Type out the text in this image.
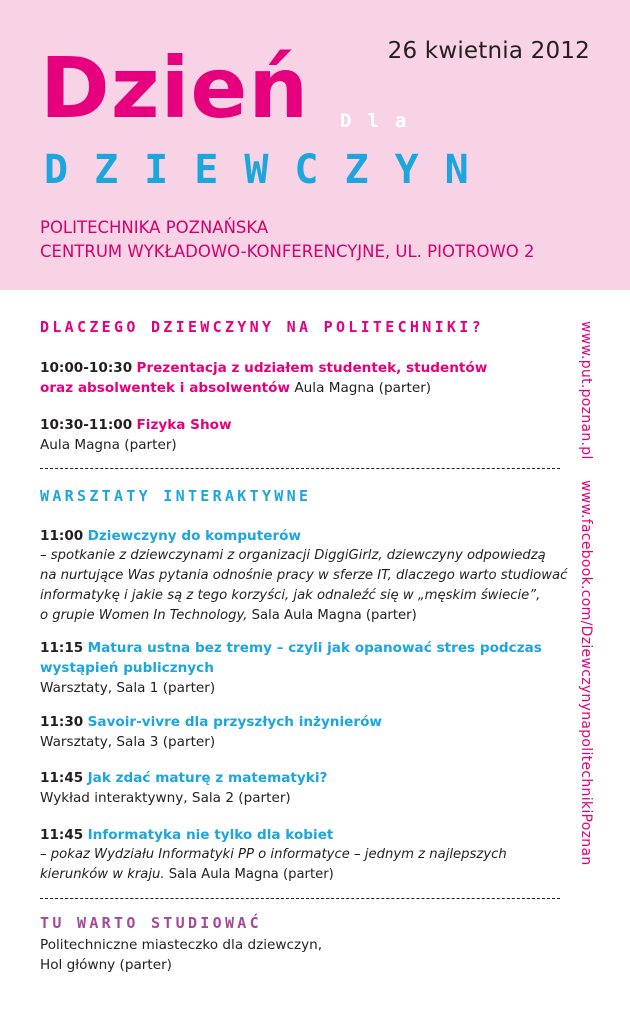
26 kwietnia 2012
Dzień Dla
DZIEWCZYN
POLITECHNIKA POZNAŃSKA
CENTRUM WYKŁADOWO-KONFERENCYJNE, UL. PIOTROWO 2
DLACZEGO DZIEWCZYNY NA POLITECHNIKI?
10:00-10:30 Prezentacja z udziałem studentek, studentów
oraz absolwentek i absolwentów Aula Magna (parter)
10:30-11:00 Fizyka Show
Aula Magna (parter)
WARSZTATY INTERAKTYWNE
11:00 Dziewczyny do komputerów
– spotkanie z dziewczynami z organizacji DiggiGirlz, dziewczyny odpowiedzą
na nurtujące Was pytania odnośnie pracy w sferze IT, dlaczego warto studiować
informatykę i jakie są z tego korzyści, jak odnaleźć się w „męskim świecie”,
o grupie Women In Technology, Sala Aula Magna (parter)
11:15 Matura ustna bez tremy – czyli jak opanować stres podczas
wystąpień publicznych
Warsztaty, Sala 1 (parter)
11:30 Savoir-vivre dla przyszłych inżynierów
Warsztaty, Sala 3 (parter)
11:45 Jak zdać maturę z matematyki?
Wykład interaktywny, Sala 2 (parter)
11:45 Informatyka nie tylko dla kobiet
– pokaz Wydziału Informatyki PP o informatyce – jednym z najlepszych
kierunków w kraju. Sala Aula Magna (parter)
TU WARTO STUDIOWAĆ
Politechniczne miasteczko dla dziewczyn,
Hol główny (parter)
www.put.poznan.pl www.facebook.com/DziewczynynapolitechnikiPoznan
